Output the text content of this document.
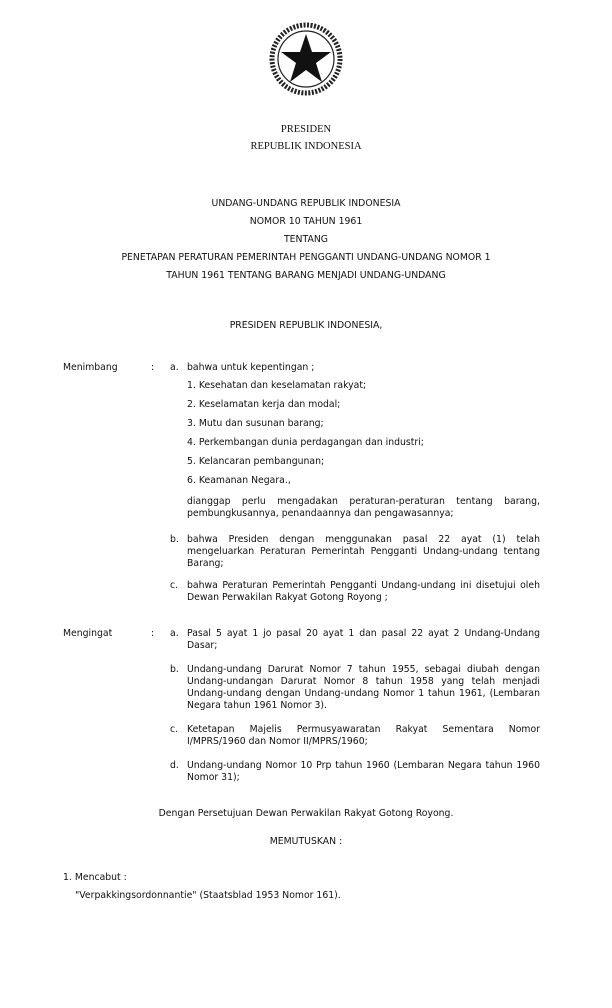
PRESIDEN
REPUBLIK INDONESIA
UNDANG-UNDANG REPUBLIK INDONESIA
NOMOR 10 TAHUN 1961
TENTANG
PENETAPAN PERATURAN PEMERINTAH PENGGANTI UNDANG-UNDANG NOMOR 1
TAHUN 1961 TENTANG BARANG MENJADI UNDANG-UNDANG
PRESIDEN REPUBLIK INDONESIA,
Menimbang	: a. bahwa untuk kepentingan ;
1. Kesehatan dan keselamatan rakyat;
2. Keselamatan kerja dan modal;
3. Mutu dan susunan barang;
4. Perkembangan dunia perdagangan dan industri;
5. Kelancaran pembangunan;
6. Keamanan Negara.,
dianggap perlu mengadakan peraturan-peraturan tentang barang, pembungkusannya, penandaannya dan pengawasannya;
b. bahwa Presiden dengan menggunakan pasal 22 ayat (1) telah mengeluarkan Peraturan Pemerintah Pengganti Undang-undang tentang Barang;
c. bahwa Peraturan Pemerintah Pengganti Undang-undang ini disetujui oleh Dewan Perwakilan Rakyat Gotong Royong ;
Mengingat	: a. Pasal 5 ayat 1 jo pasal 20 ayat 1 dan pasal 22 ayat 2 Undang-Undang Dasar;
b. Undang-undang Darurat Nomor 7 tahun 1955, sebagai diubah dengan Undang-undangan Darurat Nomor 8 tahun 1958 yang telah menjadi Undang-undang dengan Undang-undang Nomor 1 tahun 1961, (Lembaran Negara tahun 1961 Nomor 3).
c. Ketetapan Majelis Permusyawaratan Rakyat Sementara Nomor I/MPRS/1960 dan Nomor II/MPRS/1960;
d. Undang-undang Nomor 10 Prp tahun 1960 (Lembaran Negara tahun 1960 Nomor 31);
Dengan Persetujuan Dewan Perwakilan Rakyat Gotong Royong.
MEMUTUSKAN :
1. Mencabut :
"Verpakkingsordonnantie" (Staatsblad 1953 Nomor 161).
